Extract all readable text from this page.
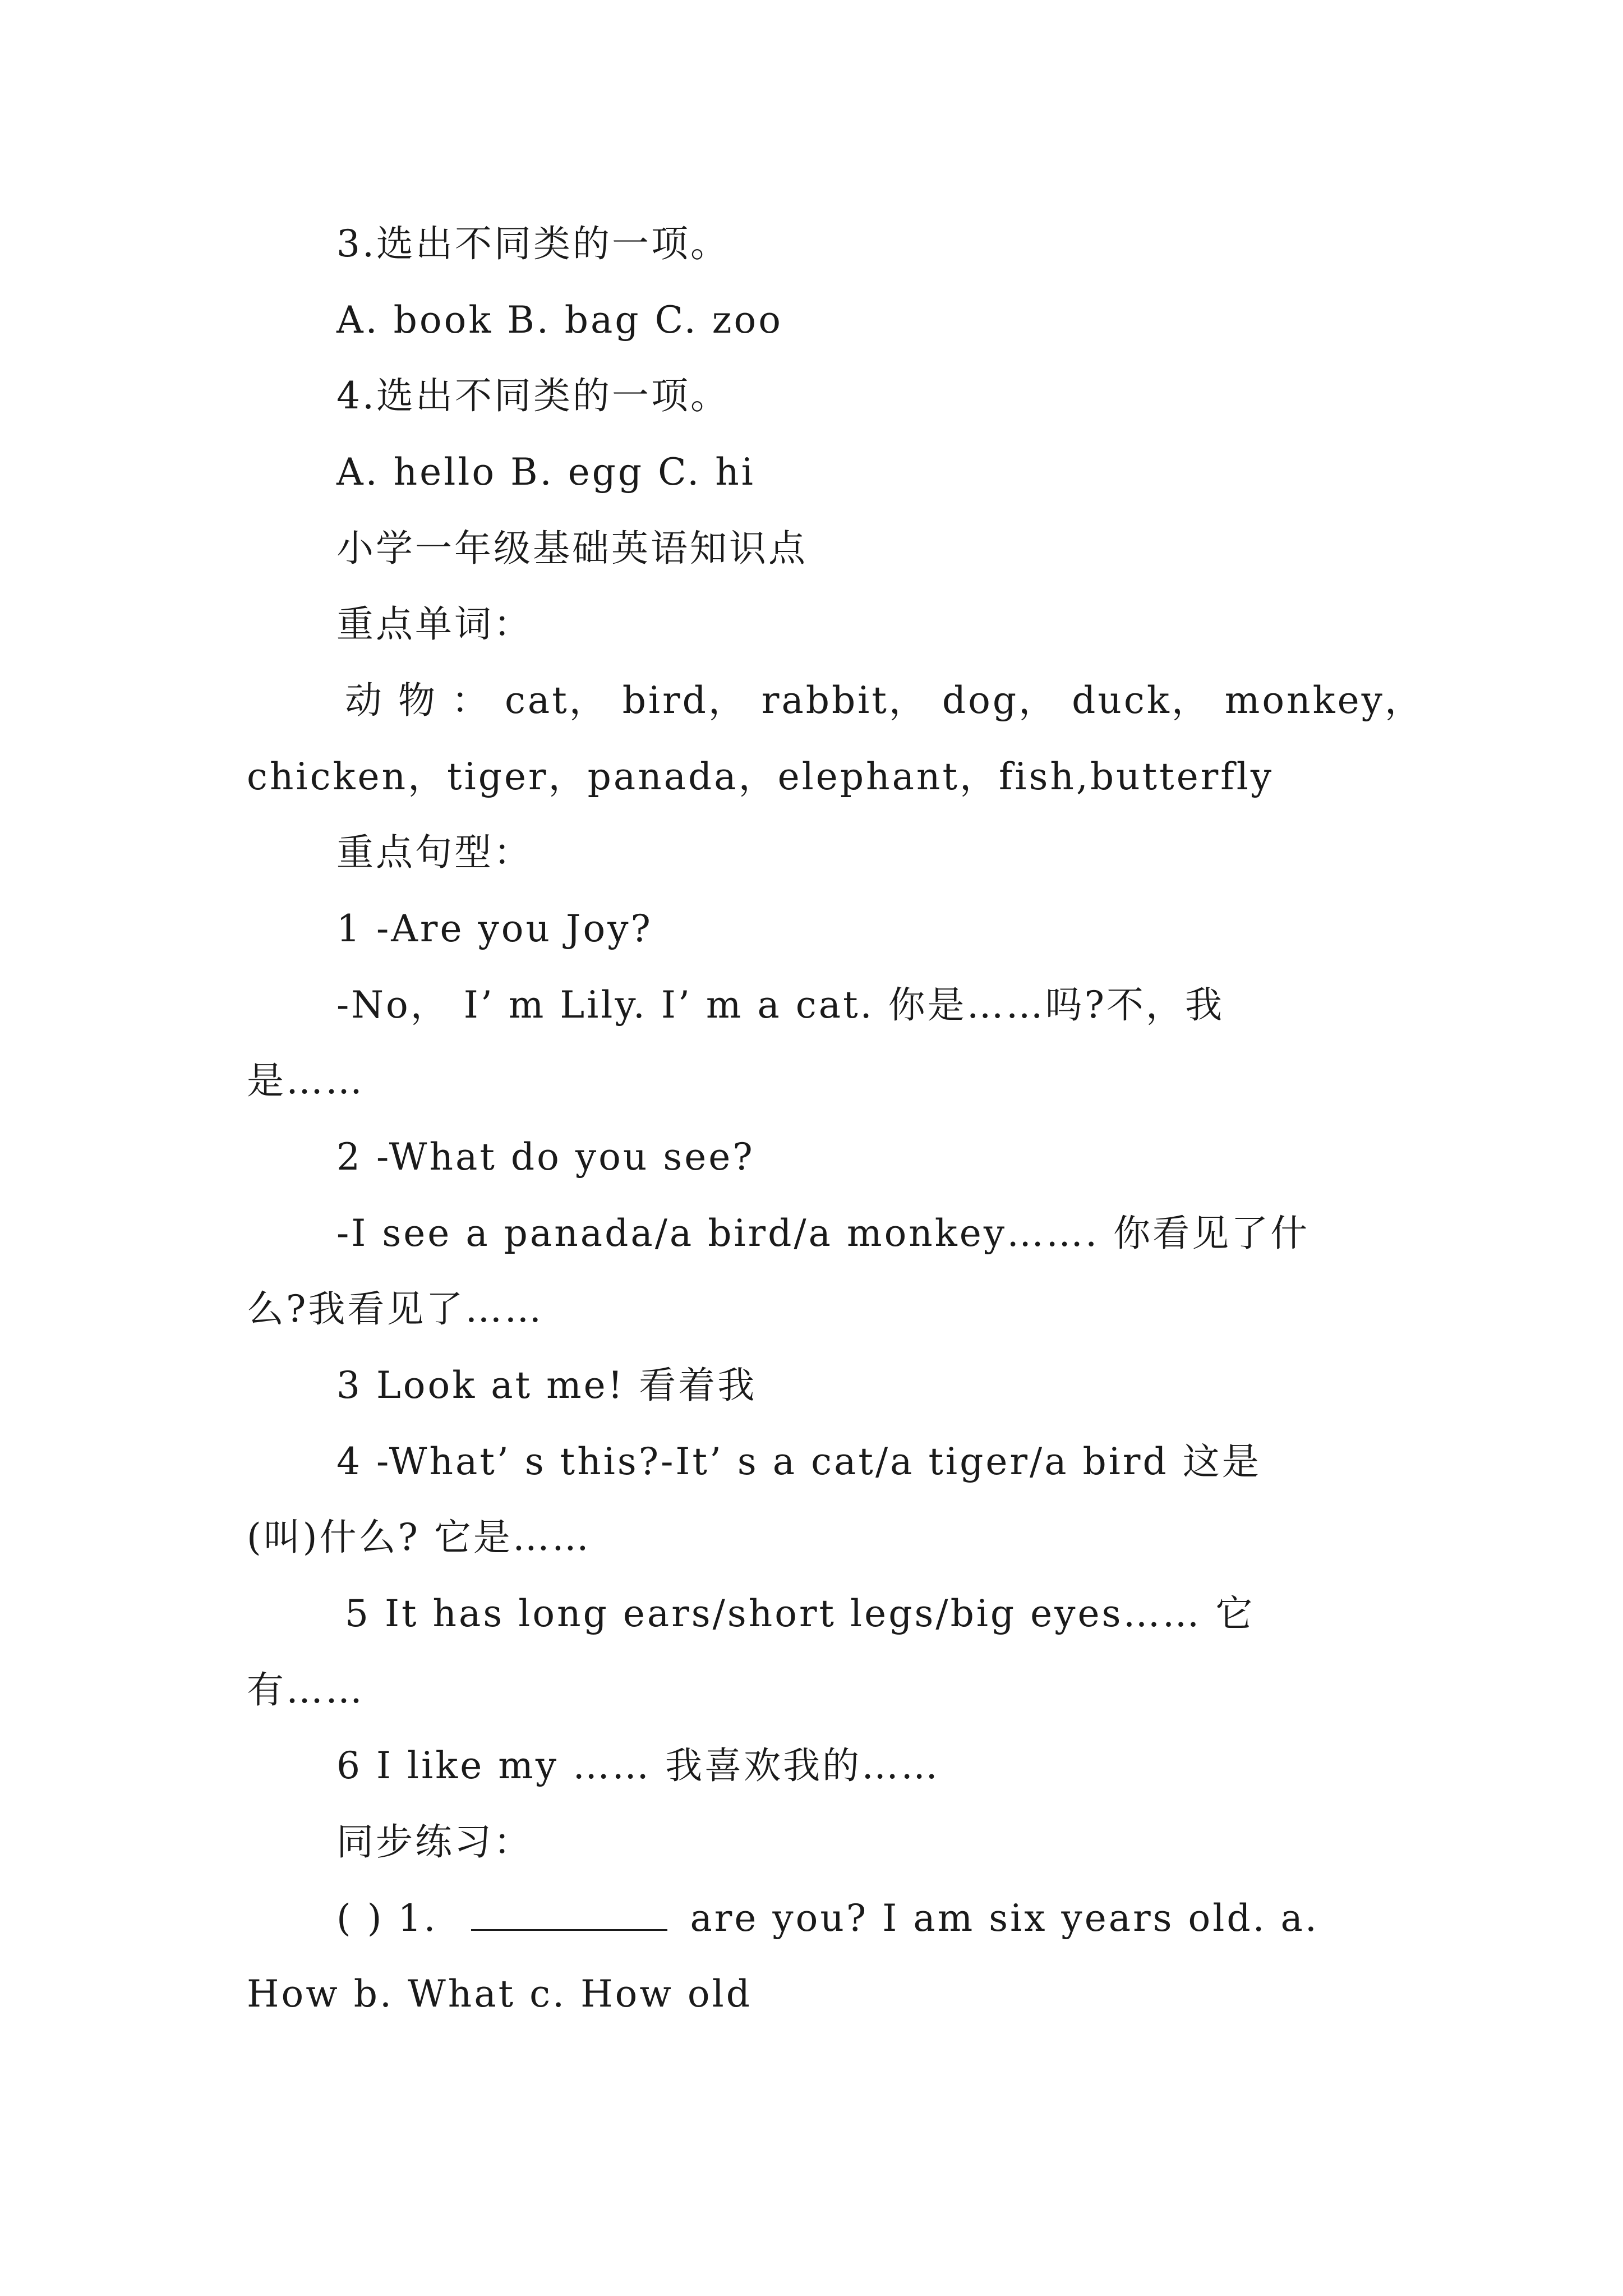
3.选出不同类的一项。
A. book B. bag C. zoo
4.选出不同类的一项。
A. hello B. egg C. hi
小学一年级基础英语知识点
重点单词：
动 物 ： cat， bird， rabbit， dog， duck， monkey，
chicken，tiger，panada，elephant，fish,butterfly
重点句型：
1 -Are you Joy?
-No， I’ m Lily. I’ m a cat. 你是……吗?不，我
是……
2 -What do you see?
-I see a panada/a bird/a monkey……. 你看见了什
么?我看见了……
3 Look at me! 看着我
4 -What’ s this?-It’ s a cat/a tiger/a bird 这是
(叫)什么? 它是……
5 It has long ears/short legs/big eyes…… 它
有……
6 I like my …… 我喜欢我的……
同步练习：
( ) 1.	are you? I am six years old. a.
How b. What c. How old
